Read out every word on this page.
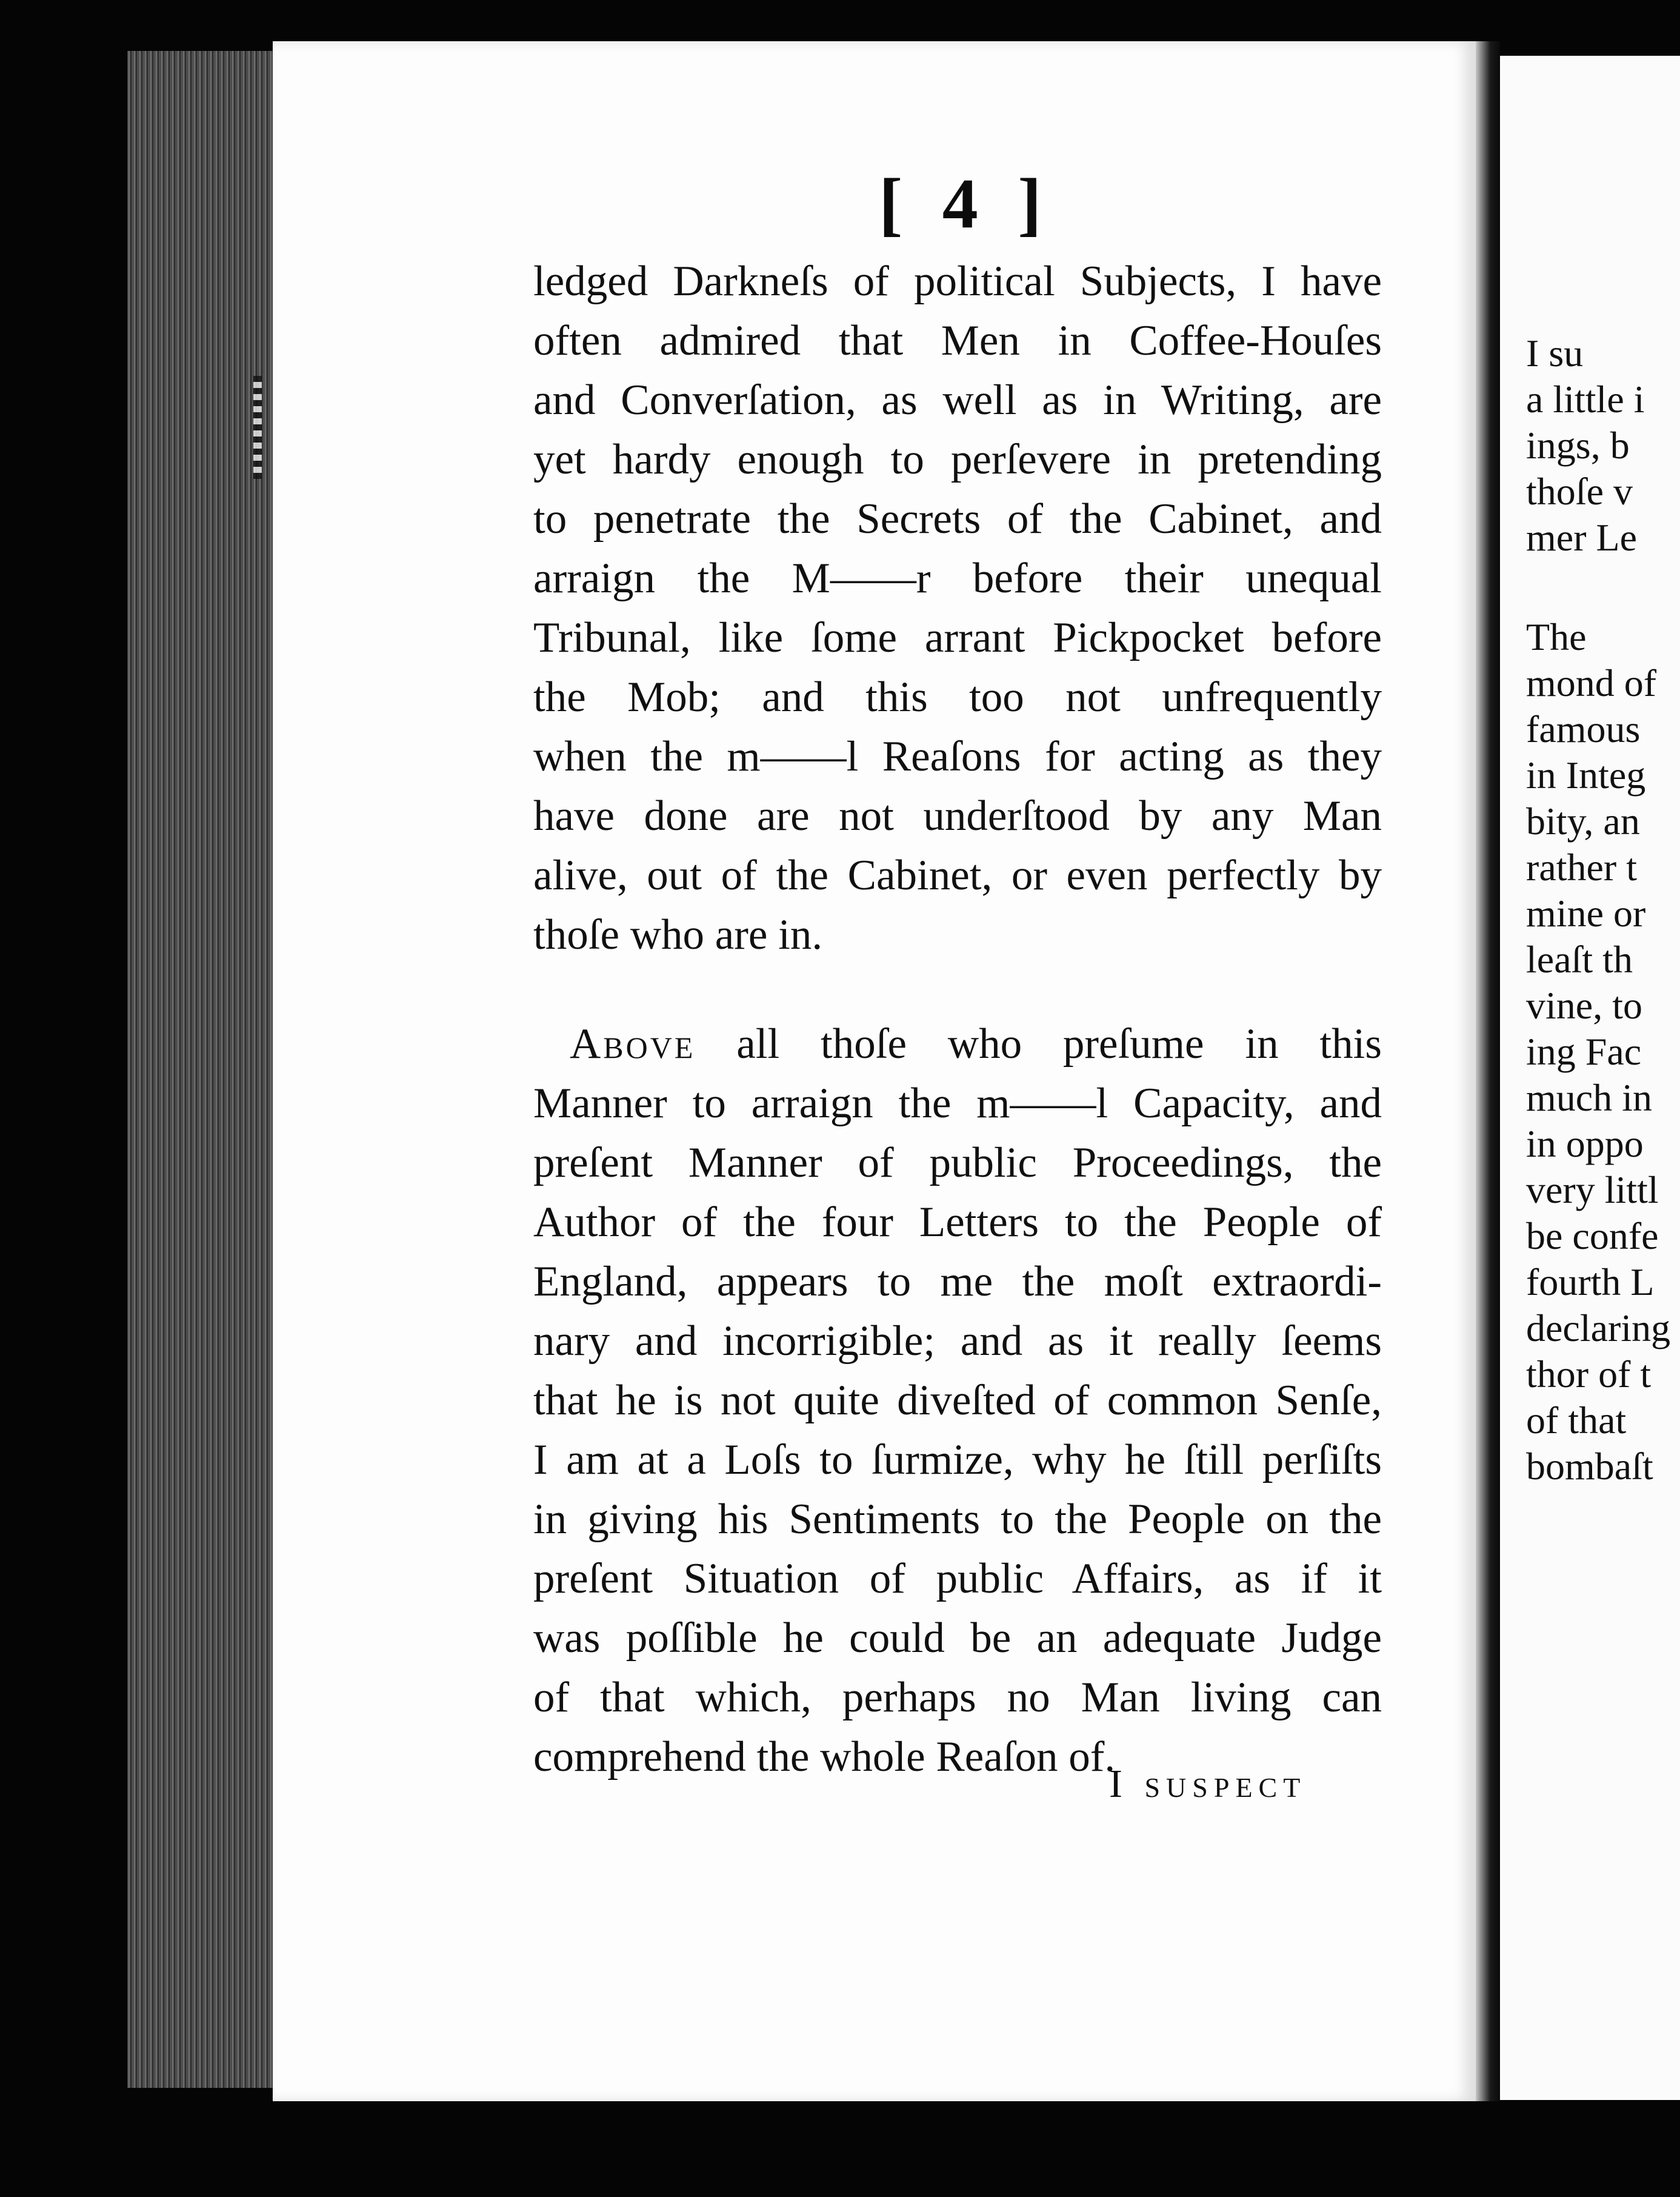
[ 4 ]
ledged Darkneſs of political Subjects, I have
often admired that Men in Coffee-Houſes
and Converſation, as well as in Writing, are
yet hardy enough to perſevere in pretending
to penetrate the Secrets of the Cabinet, and
arraign the M——r before their unequal
Tribunal, like ſome arrant Pickpocket before
the Mob; and this too not unfrequently
when the m——l Reaſons for acting as they
have done are not underſtood by any Man
alive, out of the Cabinet, or even perfectly by
thoſe who are in.
Above all thoſe who preſume in this
Manner to arraign the m——l Capacity, and
preſent Manner of public Proceedings, the
Author of the four Letters to the People of
England, appears to me the moſt extraordi-
nary and incorrigible; and as it really ſeems
that he is not quite diveſted of common Senſe,
I am at a Loſs to ſurmize, why he ſtill perſiſts
in giving his Sentiments to the People on the
preſent Situation of public Affairs, as if it
was poſſible he could be an adequate Judge
of that which, perhaps no Man living can
comprehend the whole Reaſon of.
I suspect
I su
a little i
ings, b
thoſe v
mer Le
The
mond of
famous
in Integ
bity, an
rather t
mine or
leaſt th
vine, to
ing Fac
much in
in oppo
very littl
be confe
fourth L
declaring
thor of t
of that
bombaſt
